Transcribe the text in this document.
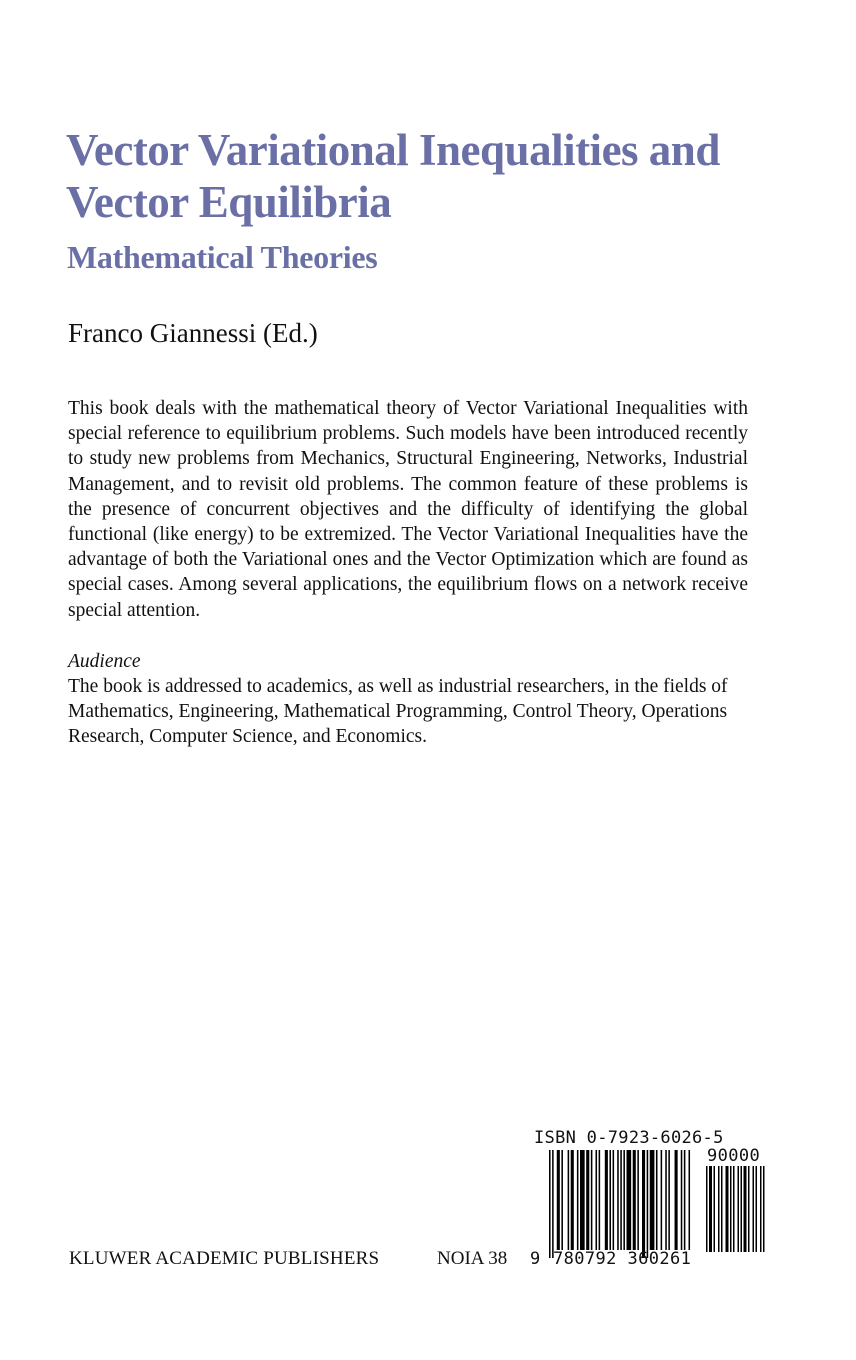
Vector Variational Inequalities and Vector Equilibria
Mathematical Theories
Franco Giannessi (Ed.)

This book deals with the mathematical theory of Vector Variational Inequalities with special reference to equilibrium problems. Such models have been introduced recently to study new problems from Mechanics, Structural Engineering, Networks, Industrial Management, and to revisit old problems. The common feature of these problems is the presence of concurrent objectives and the difficulty of identifying the global functional (like energy) to be extremized. The Vector Variational Inequalities have the advantage of both the Variational ones and the Vector Optimization which are found as special cases. Among several applications, the equilibrium flows on a network receive special attention.

Audience

The book is addressed to academics, as well as industrial researchers, in the fields of Mathematics, Engineering, Mathematical Programming, Control Theory, Operations Research, Computer Science, and Economics.

KLUWER ACADEMIC PUBLISHERS	NOIA 38
ISBN 0-7923-6026-5
90000
9 780792 360261
